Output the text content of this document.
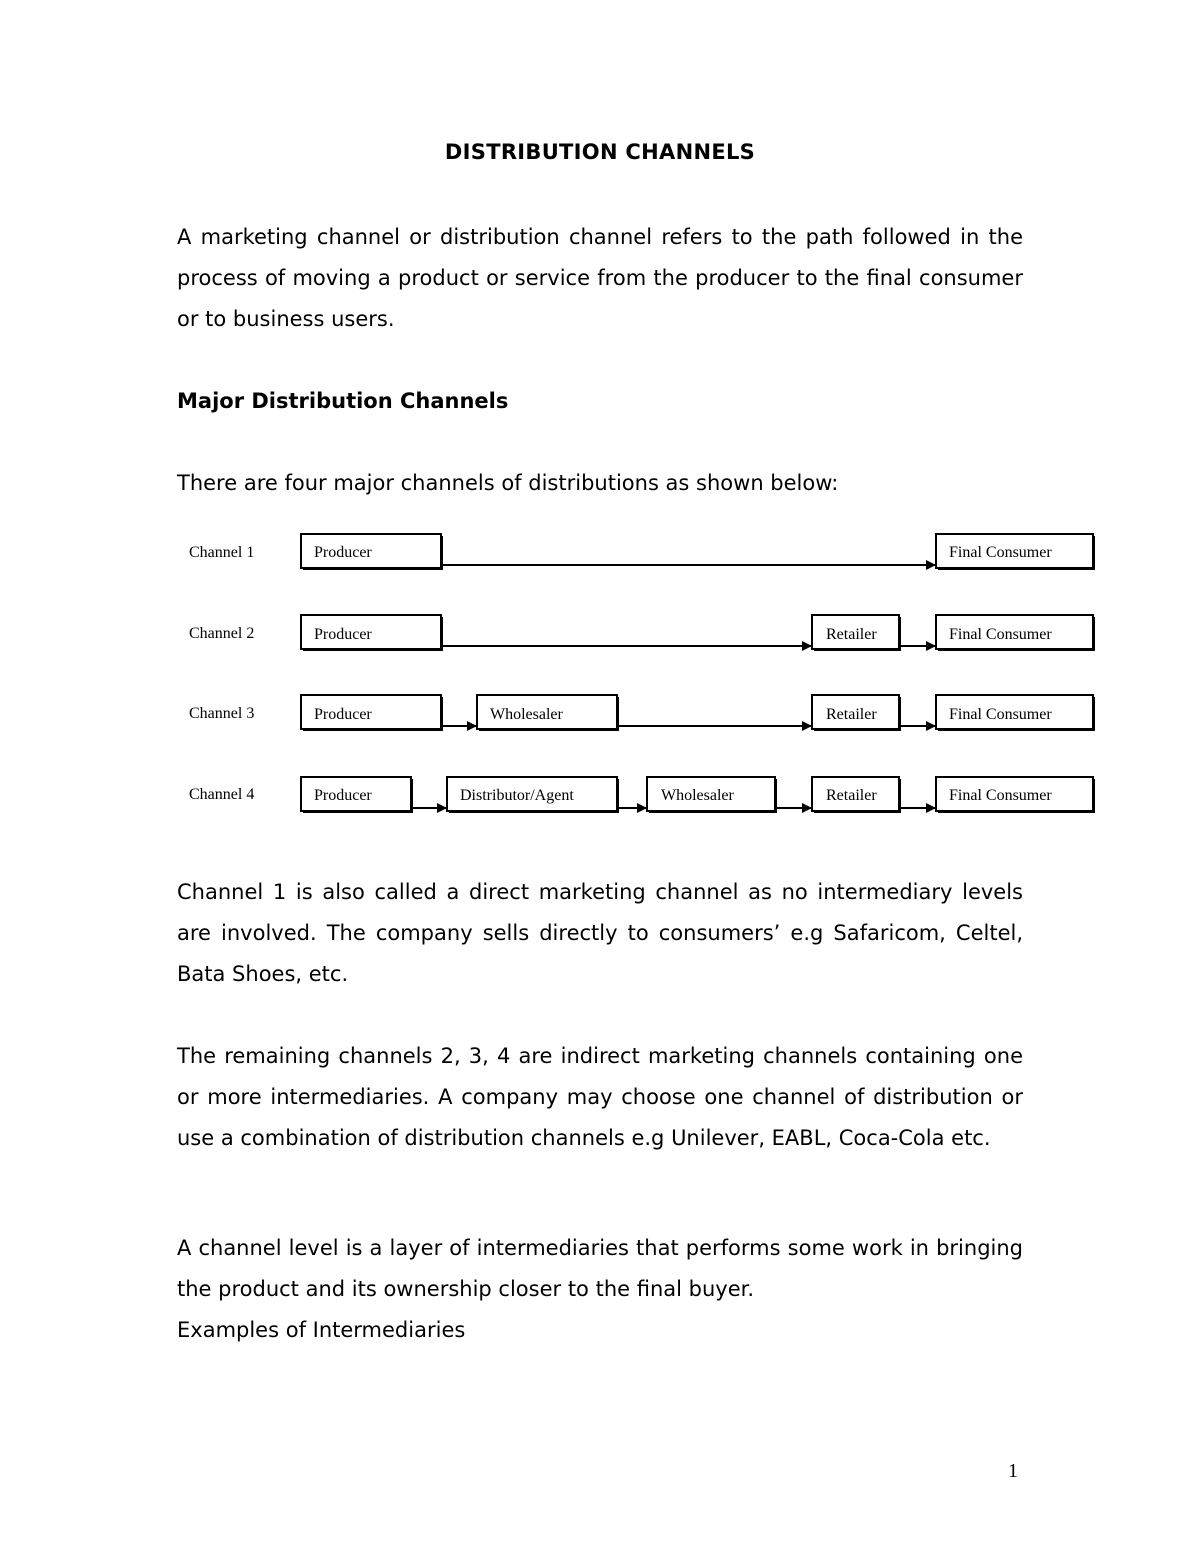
DISTRIBUTION CHANNELS

A marketing channel or distribution channel refers to the path followed in the process of moving a product or service from the producer to the final consumer or to business users.

Major Distribution Channels

There are four major channels of distributions as shown below:

Channel 1	Producer	Final Consumer
Channel 2	Producer	Retailer	Final Consumer
Channel 3	Producer	Wholesaler	Retailer	Final Consumer
Channel 4	Producer	Distributor/Agent	Wholesaler	Retailer	Final Consumer

Channel 1 is also called a direct marketing channel as no intermediary levels are involved. The company sells directly to consumers’ e.g Safaricom, Celtel, Bata Shoes, etc.

The remaining channels 2, 3, 4 are indirect marketing channels containing one or more intermediaries. A company may choose one channel of distribution or use a combination of distribution channels e.g Unilever, EABL, Coca-Cola etc.

A channel level is a layer of intermediaries that performs some work in bringing the product and its ownership closer to the final buyer.

Examples of Intermediaries

1
